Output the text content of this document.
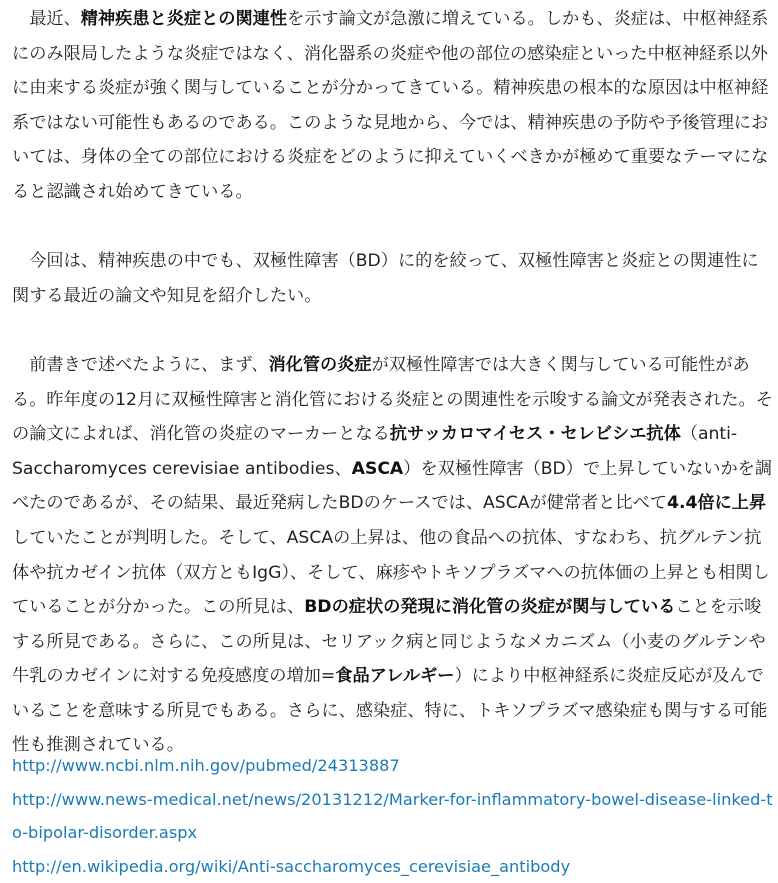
最近、精神疾患と炎症との関連性を示す論文が急激に増えている。しかも、炎症は、中枢神経系にのみ限局したような炎症ではなく、消化器系の炎症や他の部位の感染症といった中枢神経系以外に由来する炎症が強く関与していることが分かってきている。精神疾患の根本的な原因は中枢神経系ではない可能性もあるのである。このような見地から、今では、精神疾患の予防や予後管理においては、身体の全ての部位における炎症をどのように抑えていくべきかが極めて重要なテーマになると認識され始めてきている。

今回は、精神疾患の中でも、双極性障害（BD）に的を絞って、双極性障害と炎症との関連性に関する最近の論文や知見を紹介したい。

前書きで述べたように、まず、消化管の炎症が双極性障害では大きく関与している可能性がある。昨年度の12月に双極性障害と消化管における炎症との関連性を示唆する論文が発表された。その論文によれば、消化管の炎症のマーカーとなる抗サッカロマイセス・セレビシエ抗体（anti-Saccharomyces cerevisiae antibodies、ASCA）を双極性障害（BD）で上昇していないかを調べたのであるが、その結果、最近発病したBDのケースでは、ASCAが健常者と比べて4.4倍に上昇していたことが判明した。そして、ASCAの上昇は、他の食品への抗体、すなわち、抗グルテン抗体や抗カゼイン抗体（双方ともIgG）、そして、麻疹やトキソプラズマへの抗体価の上昇とも相関していることが分かった。この所見は、BDの症状の発現に消化管の炎症が関与していることを示唆する所見である。さらに、この所見は、セリアック病と同じようなメカニズム（小麦のグルテンや牛乳のカゼインに対する免疫感度の増加=食品アレルギー）により中枢神経系に炎症反応が及んでいることを意味する所見でもある。さらに、感染症、特に、トキソプラズマ感染症も関与する可能性も推測されている。

http://www.ncbi.nlm.nih.gov/pubmed/24313887
http://www.news-medical.net/news/20131212/Marker-for-inflammatory-bowel-disease-linked-to-bipolar-disorder.aspx
http://en.wikipedia.org/wiki/Anti-saccharomyces_cerevisiae_antibody
